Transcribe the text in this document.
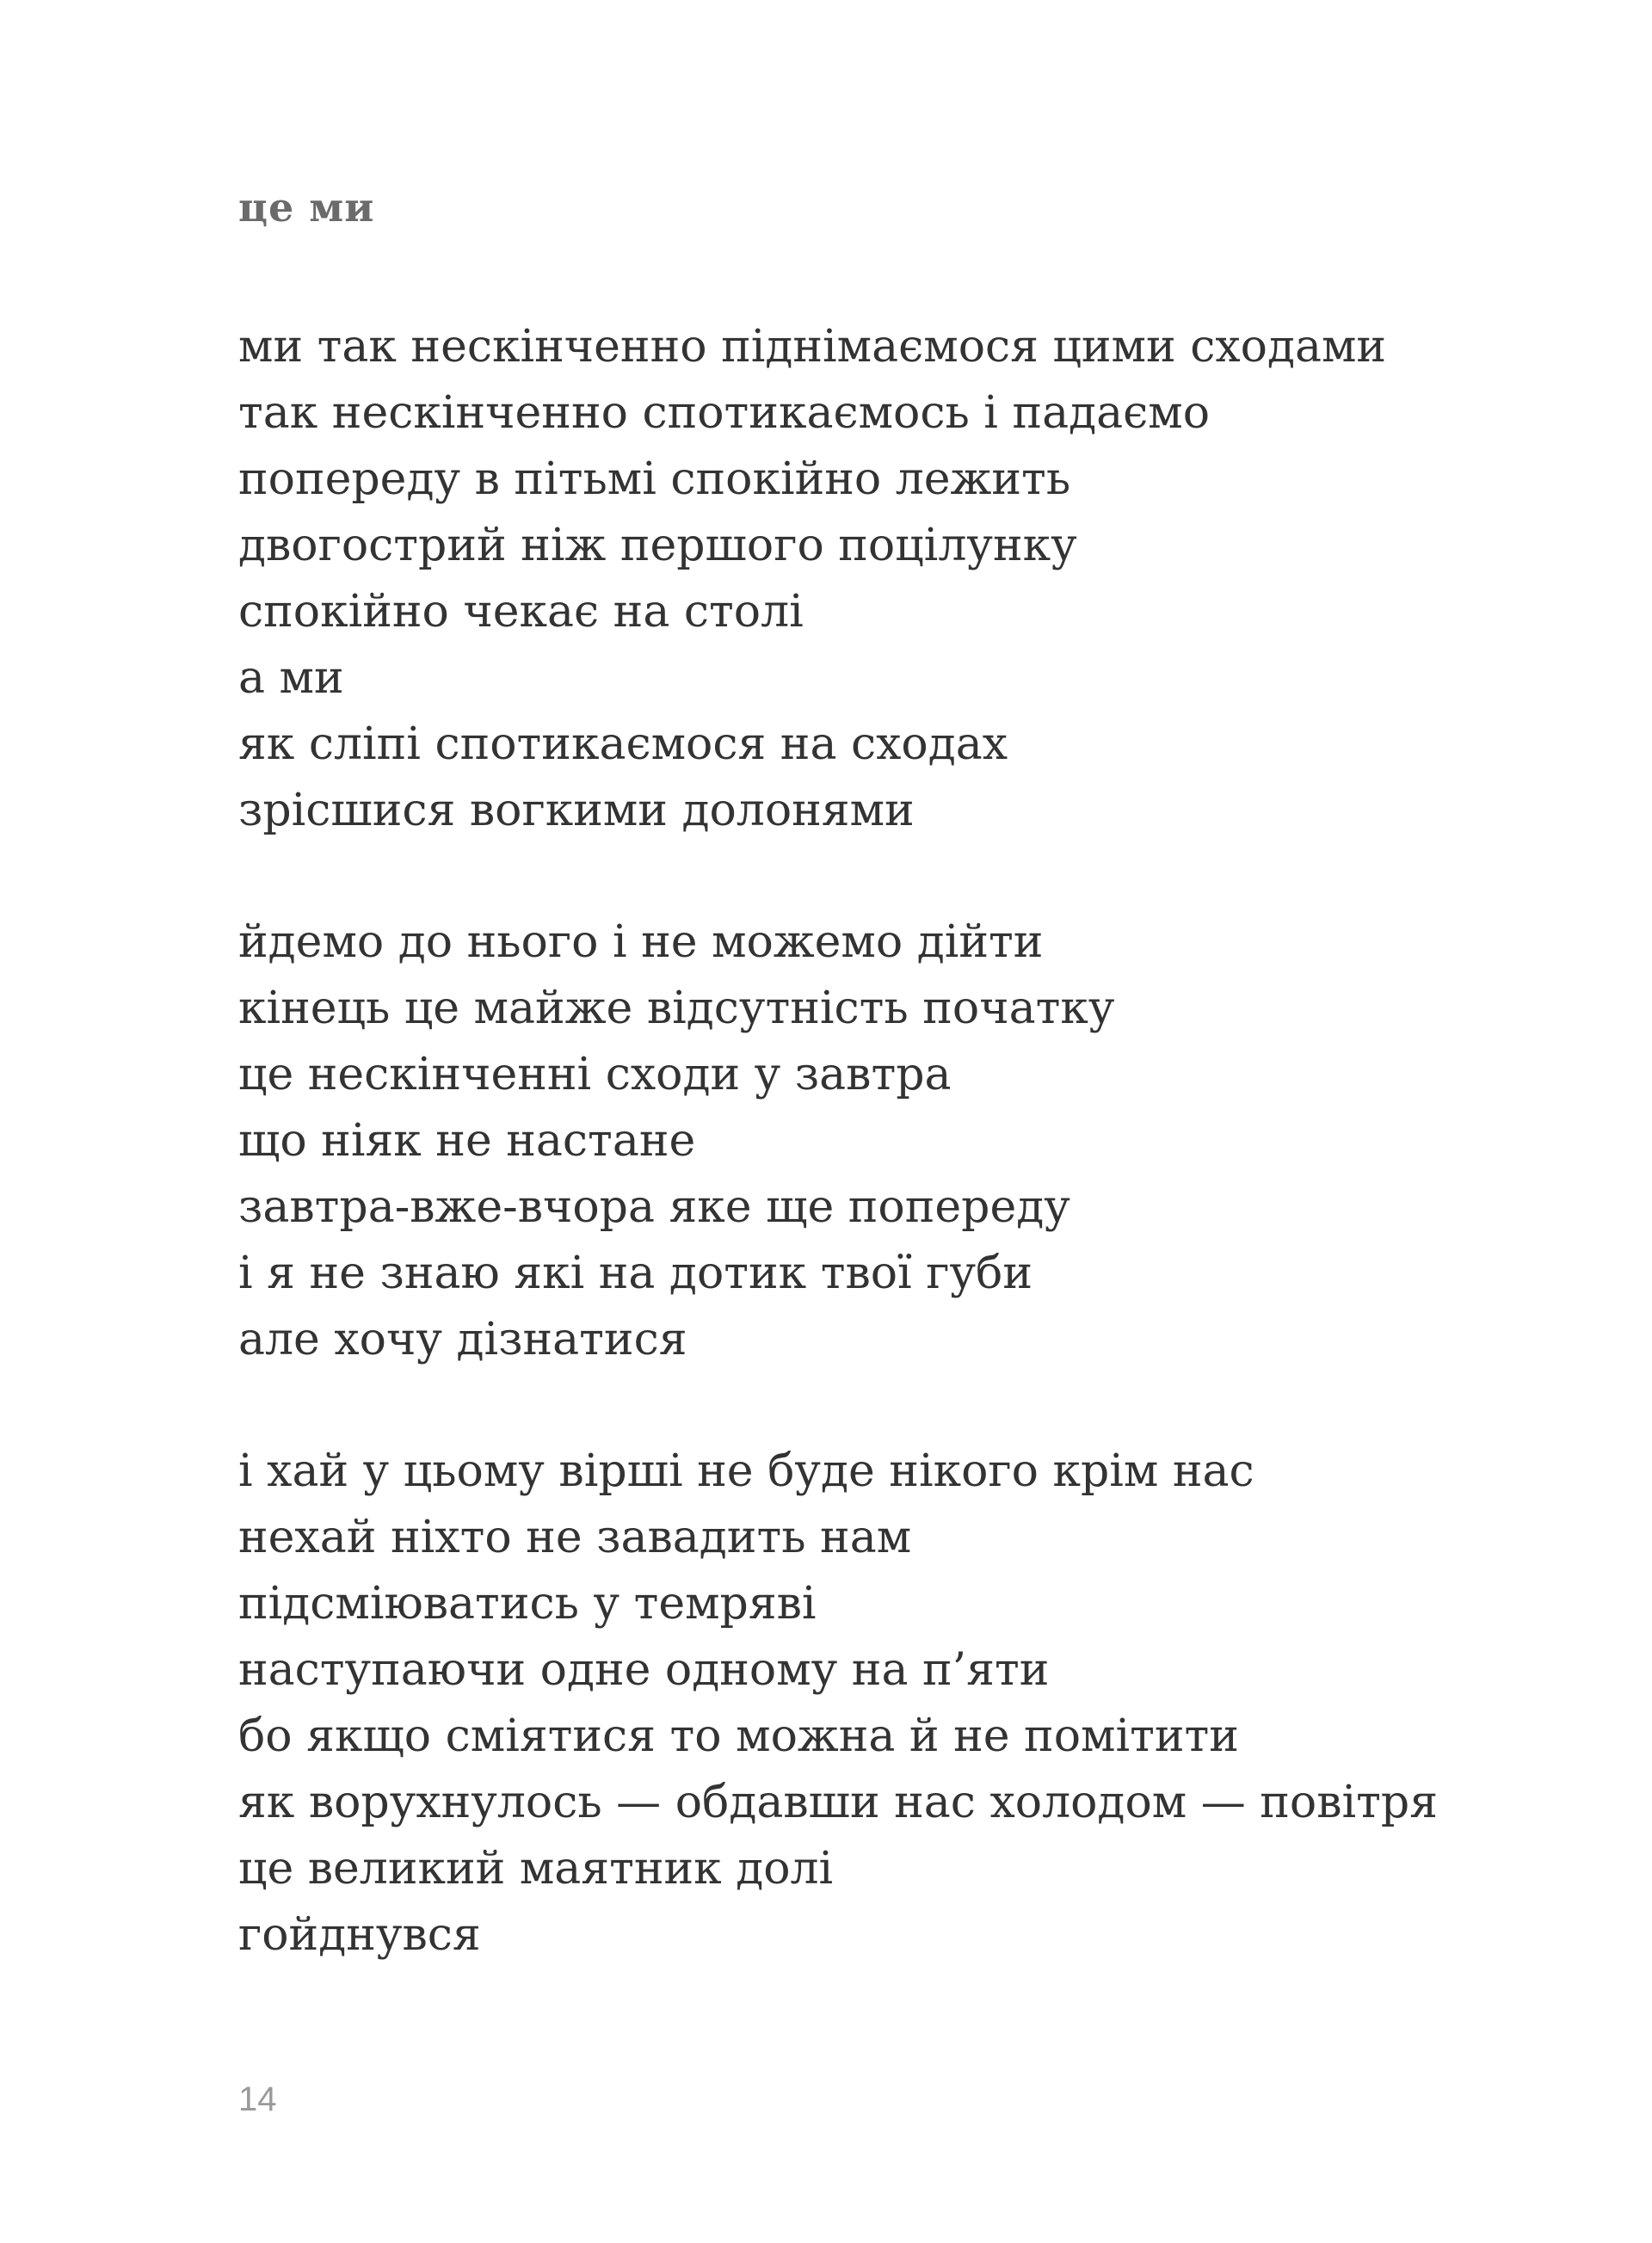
це ми
ми так нескінченно піднімаємося цими сходами
так нескінченно спотикаємось і падаємо
попереду в пітьмі спокійно лежить
двогострий ніж першого поцілунку
спокійно чекає на столі
а ми
як сліпі спотикаємося на сходах
зрісшися вогкими долонями
йдемо до нього і не можемо дійти
кінець це майже відсутність початку
це нескінченні сходи у завтра
що ніяк не настане
завтра-вже-вчора яке ще попереду
і я не знаю які на дотик твої губи
але хочу дізнатися
і хай у цьому вірші не буде нікого крім нас
нехай ніхто не завадить нам
підсміюватись у темряві
наступаючи одне одному на п’яти
бо якщо сміятися то можна й не помітити
як ворухнулось — обдавши нас холодом — повітря
це великий маятник долі
гойднувся
14
